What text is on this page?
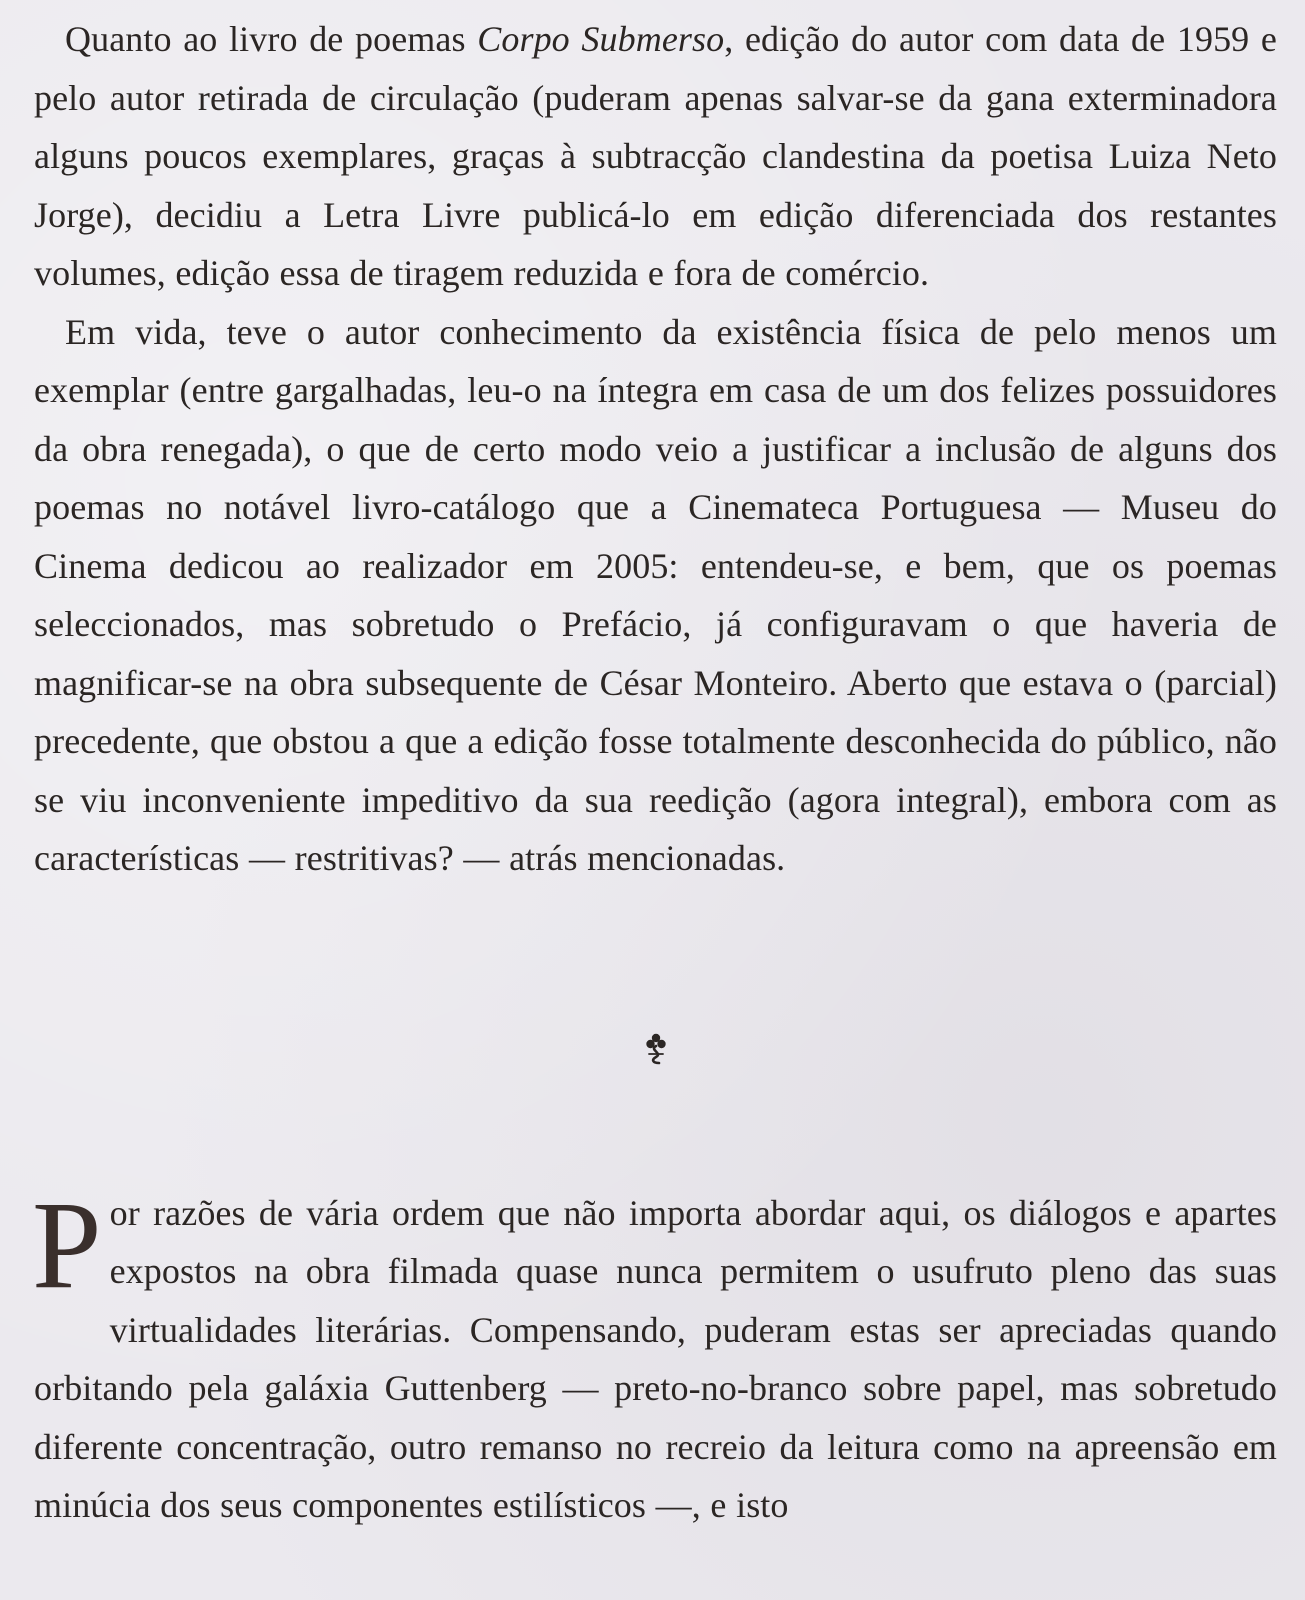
Quanto ao livro de poemas Corpo Submerso, edição do autor com data de 1959 e pelo autor retirada de circulação (puderam apenas salvar-se da gana exterminadora alguns poucos exemplares, graças à subtracção clandestina da poetisa Luiza Neto Jorge), decidiu a Letra Livre publicá-lo em edição diferenciada dos restantes volumes, edição essa de tiragem reduzida e fora de comércio.

Em vida, teve o autor conhecimento da existência física de pelo menos um exemplar (entre gargalhadas, leu-o na íntegra em casa de um dos felizes possuidores da obra renegada), o que de certo modo veio a justificar a inclusão de alguns dos poemas no notável livro-catálogo que a Cinemateca Portuguesa — Museu do Cinema dedicou ao realizador em 2005: entendeu-se, e bem, que os poemas seleccionados, mas sobretudo o Prefácio, já configuravam o que haveria de magnificar-se na obra subsequente de César Monteiro. Aberto que estava o (parcial) precedente, que obstou a que a edição fosse totalmente desconhecida do público, não se viu inconveniente impeditivo da sua reedição (agora integral), embora com as características — restritivas? — atrás mencionadas.

Por razões de vária ordem que não importa abordar aqui, os diálogos e apartes expostos na obra filmada quase nunca permitem o usufruto pleno das suas virtualidades literárias. Compensando, puderam estas ser apreciadas quando orbitando pela galáxia Guttenberg — preto-no-branco sobre papel, mas sobretudo diferente concentração, outro remanso no recreio da leitura como na apreensão em minúcia dos seus componentes estilísticos —, e isto
